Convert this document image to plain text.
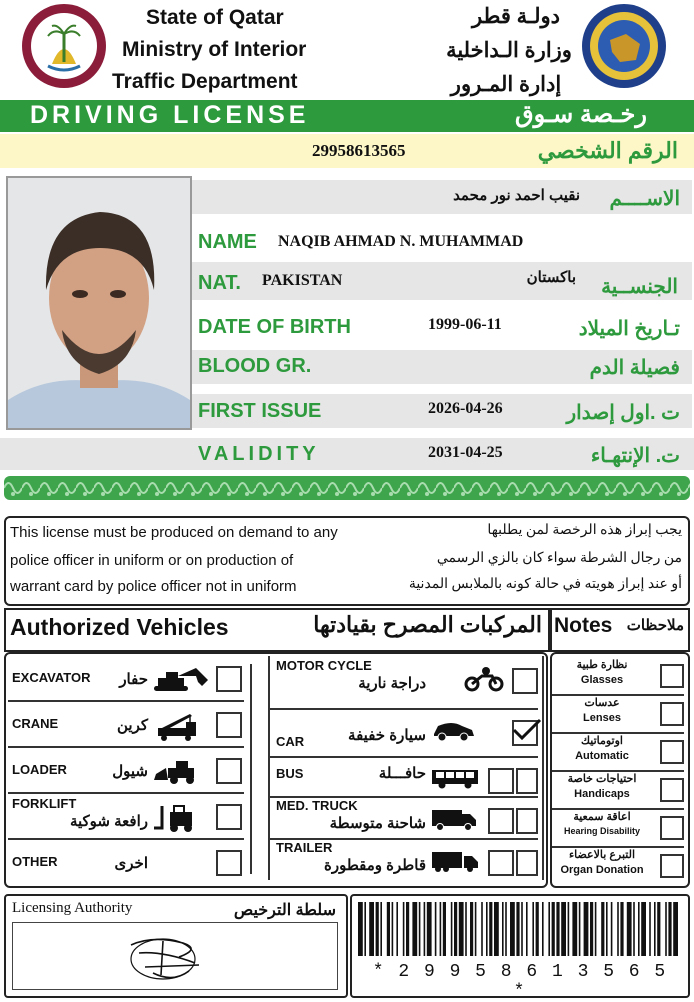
State of Qatar
Ministry of Interior
Traffic Department
دولـة قطر
وزارة الـداخلية
إدارة المـرور
DRIVING LICENSE	رخـصة سـوق
29958613565	الرقم الشخصي
نقيب احمد نور محمد	الاســــم
NAME NAQIB AHMAD N. MUHAMMAD
NAT. PAKISTAN	باكستان	الجنســية
DATE OF BIRTH	1999-06-11	تـاريخ الميلاد
BLOOD GR.	فصيلة الدم
FIRST ISSUE	2026-04-26	ت .اول إصدار
VALIDITY	2031-04-25	ت. الإنتهـاء
This license must be produced on demand to any
police officer in uniform or on production of
warrant card by police officer not in uniform
يجب إبراز هذه الرخصة لمن يطلبها
من رجال الشرطة سواء كان بالزي الرسمي
أو عند إبراز هويته في حالة كونه بالملابس المدنية
Authorized Vehicles	المركبات المصرح بقيادتها Notes ملاحظات
EXCAVATOR	حفار
CRANE	كرين
LOADER	شيول
FORKLIFT
رافعة شوكية
OTHER	اخرى
MOTOR CYCLE
دراجة نارية
CAR	سيارة خفيفة
BUS	حافـــلة
MED. TRUCK
شاحنة متوسطة
TRAILER
قاطرة ومقطورة
نظارة طبية
Glasses
عدسات
Lenses
اوتوماتيك
Automatic
احتياجات خاصة
Handicaps
اعاقة سمعية
Hearing Disability
التبرع بالاعضاء
Organ Donation
Licensing Authority	سلطة الترخيص
* 2 9 9 5 8 6 1 3 5 6 5 *
